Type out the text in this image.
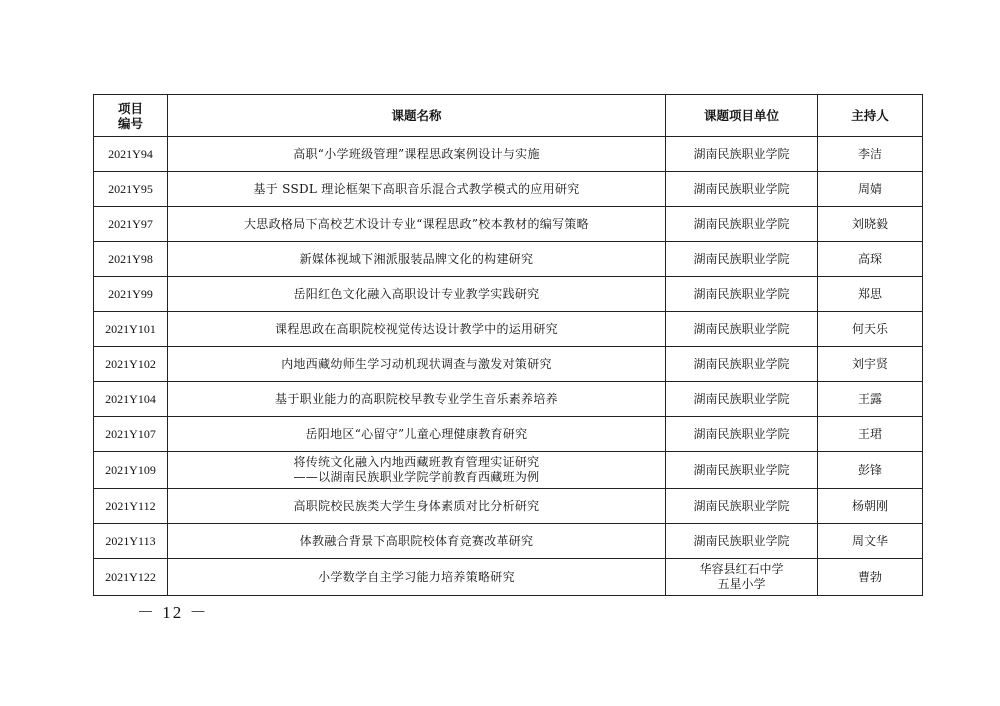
项目
编号	课题名称	课题项目单位	主持人
2021Y94	高职“小学班级管理”课程思政案例设计与实施	湖南民族职业学院	李洁
2021Y95	基于 SSDL 理论框架下高职音乐混合式教学模式的应用研究	湖南民族职业学院	周婧
2021Y97	大思政格局下高校艺术设计专业“课程思政”校本教材的编写策略	湖南民族职业学院	刘晓毅
2021Y98	新媒体视域下湘派服装品牌文化的构建研究	湖南民族职业学院	高琛
2021Y99	岳阳红色文化融入高职设计专业教学实践研究	湖南民族职业学院	郑思
2021Y101	课程思政在高职院校视觉传达设计教学中的运用研究	湖南民族职业学院	何天乐
2021Y102	内地西藏幼师生学习动机现状调查与激发对策研究	湖南民族职业学院	刘宇贤
2021Y104	基于职业能力的高职院校早教专业学生音乐素养培养	湖南民族职业学院	王露
2021Y107	岳阳地区“心留守”儿童心理健康教育研究	湖南民族职业学院	王珺
2021Y109	将传统文化融入内地西藏班教育管理实证研究
——以湖南民族职业学院学前教育西藏班为例	湖南民族职业学院	彭锋
2021Y112	高职院校民族类大学生身体素质对比分析研究	湖南民族职业学院	杨朝刚
2021Y113	体教融合背景下高职院校体育竞赛改革研究	湖南民族职业学院	周文华
2021Y122	小学数学自主学习能力培养策略研究	华容县红石中学
五星小学	曹勃
－ 12 －
